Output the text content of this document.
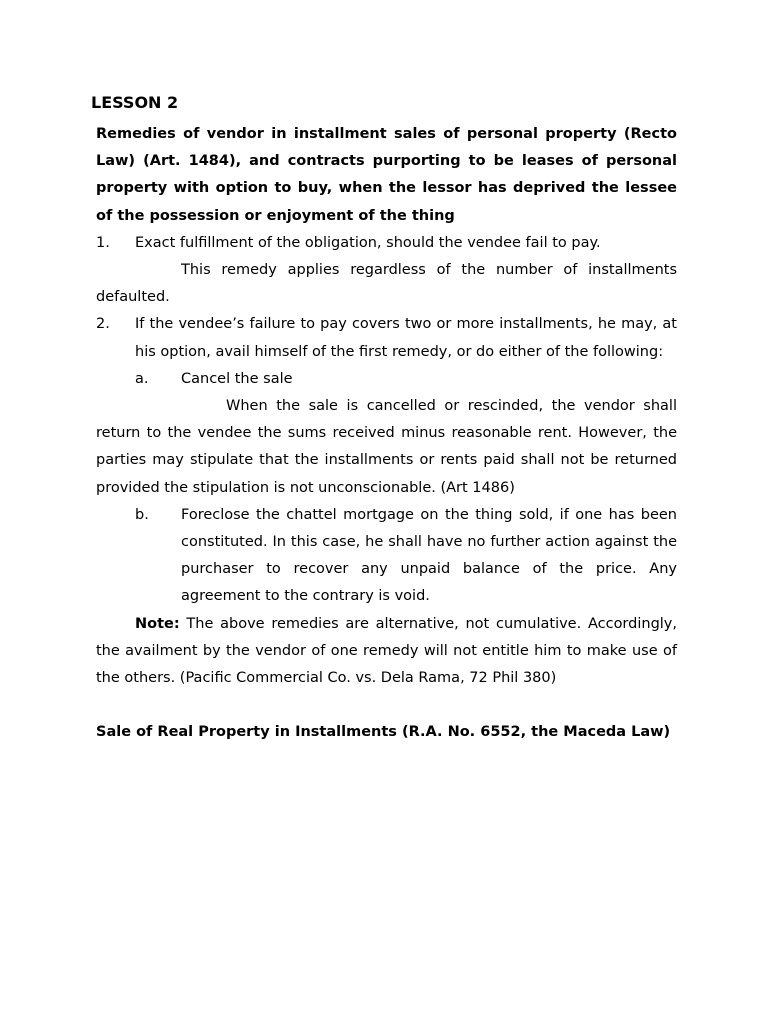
LESSON 2

Remedies of vendor in installment sales of personal property (Recto Law) (Art. 1484), and contracts purporting to be leases of personal property with option to buy, when the lessor has deprived the lessee of the possession or enjoyment of the thing

1. Exact fulfillment of the obligation, should the vendee fail to pay.

This remedy applies regardless of the number of installments defaulted.

2. If the vendee’s failure to pay covers two or more installments, he may, at his option, avail himself of the first remedy, or do either of the following:
a. Cancel the sale

When the sale is cancelled or rescinded, the vendor shall return to the vendee the sums received minus reasonable rent. However, the parties may stipulate that the installments or rents paid shall not be returned provided the stipulation is not unconscionable. (Art 1486)

b. Foreclose the chattel mortgage on the thing sold, if one has been constituted. In this case, he shall have no further action against the purchaser to recover any unpaid balance of the price. Any agreement to the contrary is void.

Note: The above remedies are alternative, not cumulative. Accordingly, the availment by the vendor of one remedy will not entitle him to make use of the others. (Pacific Commercial Co. vs. Dela Rama, 72 Phil 380)

Sale of Real Property in Installments (R.A. No. 6552, the Maceda Law)
